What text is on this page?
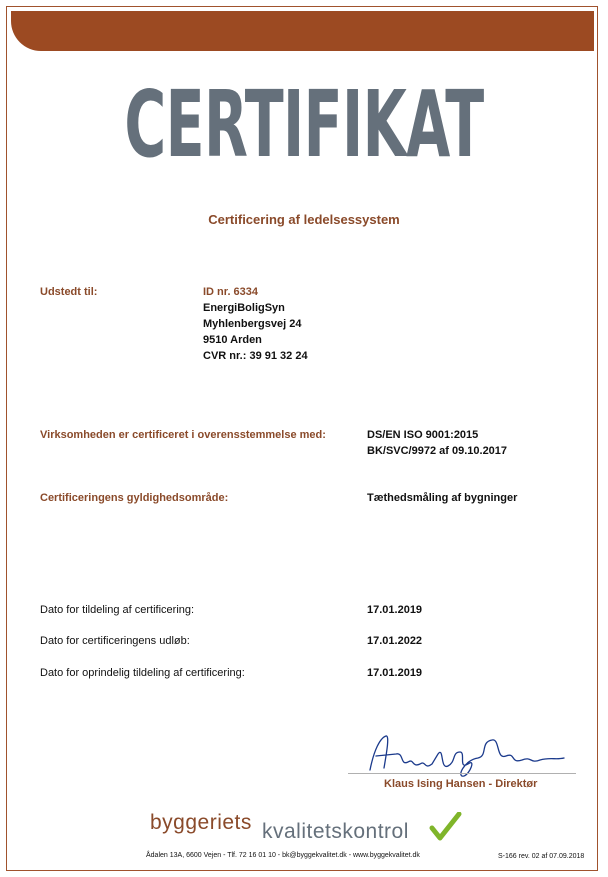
CERTIFIKAT
Certificering af ledelsessystem
Udstedt til:	ID nr. 6334
EnergiBoligSyn
Myhlenbergsvej 24
9510 Arden
CVR nr.: 39 91 32 24
Virksomheden er certificeret i overensstemmelse med:	DS/EN ISO 9001:2015
BK/SVC/9972 af 09.10.2017
Certificeringens gyldighedsområde:	Tæthedsmåling af bygninger
Dato for tildeling af certificering:	17.01.2019
Dato for certificeringens udløb:	17.01.2022
Dato for oprindelig tildeling af certificering:	17.01.2019
Klaus Ising Hansen - Direktør
byggeriets kvalitetskontrol
Ådalen 13A, 6600 Vejen - Tlf. 72 16 01 10 - bk@byggekvalitet.dk - www.byggekvalitet.dk	S-166 rev. 02 af 07.09.2018
